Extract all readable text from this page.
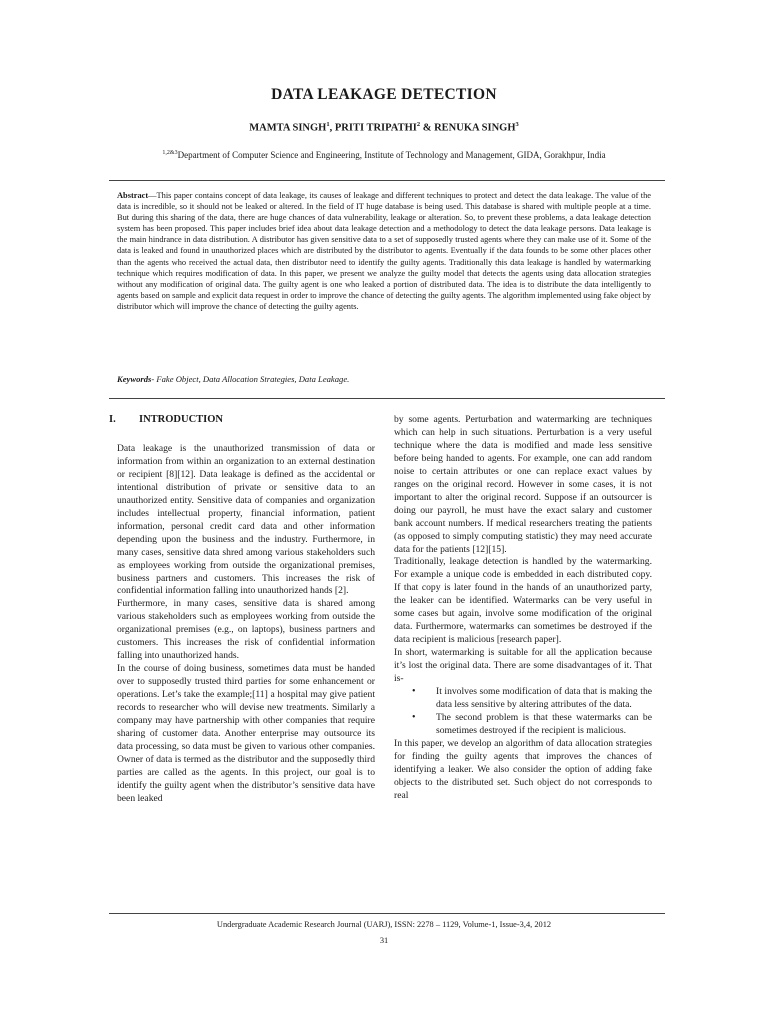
DATA LEAKAGE DETECTION
MAMTA SINGH$^1$, PRITI TRIPATHI$^2$ & RENUKA SINGH$^3$
$^{1,2\&3}$Department of Computer Science and Engineering, Institute of Technology and Management, GIDA, Gorakhpur, India
Abstract—This paper contains concept of data leakage, its causes of leakage and different techniques to protect and detect the data leakage. The value of the data is incredible, so it should not be leaked or altered. In the field of IT huge database is being used. This database is shared with multiple people at a time. But during this sharing of the data, there are huge chances of data vulnerability, leakage or alteration. So, to prevent these problems, a data leakage detection system has been proposed. This paper includes brief idea about data leakage detection and a methodology to detect the data leakage persons. Data leakage is the main hindrance in data distribution. A distributor has given sensitive data to a set of supposedly trusted agents where they can make use of it. Some of the data is leaked and found in unauthorized places which are distributed by the distributor to agents. Eventually if the data founds to be some other places other than the agents who received the actual data, then distributor need to identify the guilty agents. Traditionally this data leakage is handled by watermarking technique which requires modification of data. In this paper, we present we analyze the guilty model that detects the agents using data allocation strategies without any modification of original data. The guilty agent is one who leaked a portion of distributed data. The idea is to distribute the data intelligently to agents based on sample and explicit data request in order to improve the chance of detecting the guilty agents. The algorithm implemented using fake object by distributor which will improve the chance of detecting the guilty agents.
Keywords- Fake Object, Data Allocation Strategies, Data Leakage.
I. INTRODUCTION

Data leakage is the unauthorized transmission of data or information from within an organization to an external destination or recipient [8][12]. Data leakage is defined as the accidental or intentional distribution of private or sensitive data to an unauthorized entity. Sensitive data of companies and organization includes intellectual property, financial information, patient information, personal credit card data and other information depending upon the business and the industry. Furthermore, in many cases, sensitive data shred among various stakeholders such as employees working from outside the organizational premises, business partners and customers. This increases the risk of confidential information falling into unauthorized hands [2].

Furthermore, in many cases, sensitive data is shared among various stakeholders such as employees working from outside the organizational premises (e.g., on laptops), business partners and customers. This increases the risk of confidential information falling into unauthorized hands.

In the course of doing business, sometimes data must be handed over to supposedly trusted third parties for some enhancement or operations. Let’s take the example;[11] a hospital may give patient records to researcher who will devise new treatments. Similarly a company may have partnership with other companies that require sharing of customer data. Another enterprise may outsource its data processing, so data must be given to various other companies. Owner of data is termed as the distributor and the supposedly third parties are called as the agents. In this project, our goal is to identify the guilty agent when the distributor’s sensitive data have been leaked

by some agents. Perturbation and watermarking are techniques which can help in such situations. Perturbation is a very useful technique where the data is modified and made less sensitive before being handed to agents. For example, one can add random noise to certain attributes or one can replace exact values by ranges on the original record. However in some cases, it is not important to alter the original record. Suppose if an outsourcer is doing our payroll, he must have the exact salary and customer bank account numbers. If medical researchers treating the patients (as opposed to simply computing statistic) they may need accurate data for the patients [12][15].

Traditionally, leakage detection is handled by the watermarking. For example a unique code is embedded in each distributed copy. If that copy is later found in the hands of an unauthorized party, the leaker can be identified. Watermarks can be very useful in some cases but again, involve some modification of the original data. Furthermore, watermarks can sometimes be destroyed if the data recipient is malicious [research paper].

In short, watermarking is suitable for all the application because it’s lost the original data. There are some disadvantages of it. That is-

• It involves some modification of data that is making the data less sensitive by altering attributes of the data.
• The second problem is that these watermarks can be sometimes destroyed if the recipient is malicious.

In this paper, we develop an algorithm of data allocation strategies for finding the guilty agents that improves the chances of identifying a leaker. We also consider the option of adding fake objects to the distributed set. Such object do not corresponds to real

Undergraduate Academic Research Journal (UARJ), ISSN: 2278 – 1129, Volume-1, Issue-3,4, 2012
31
